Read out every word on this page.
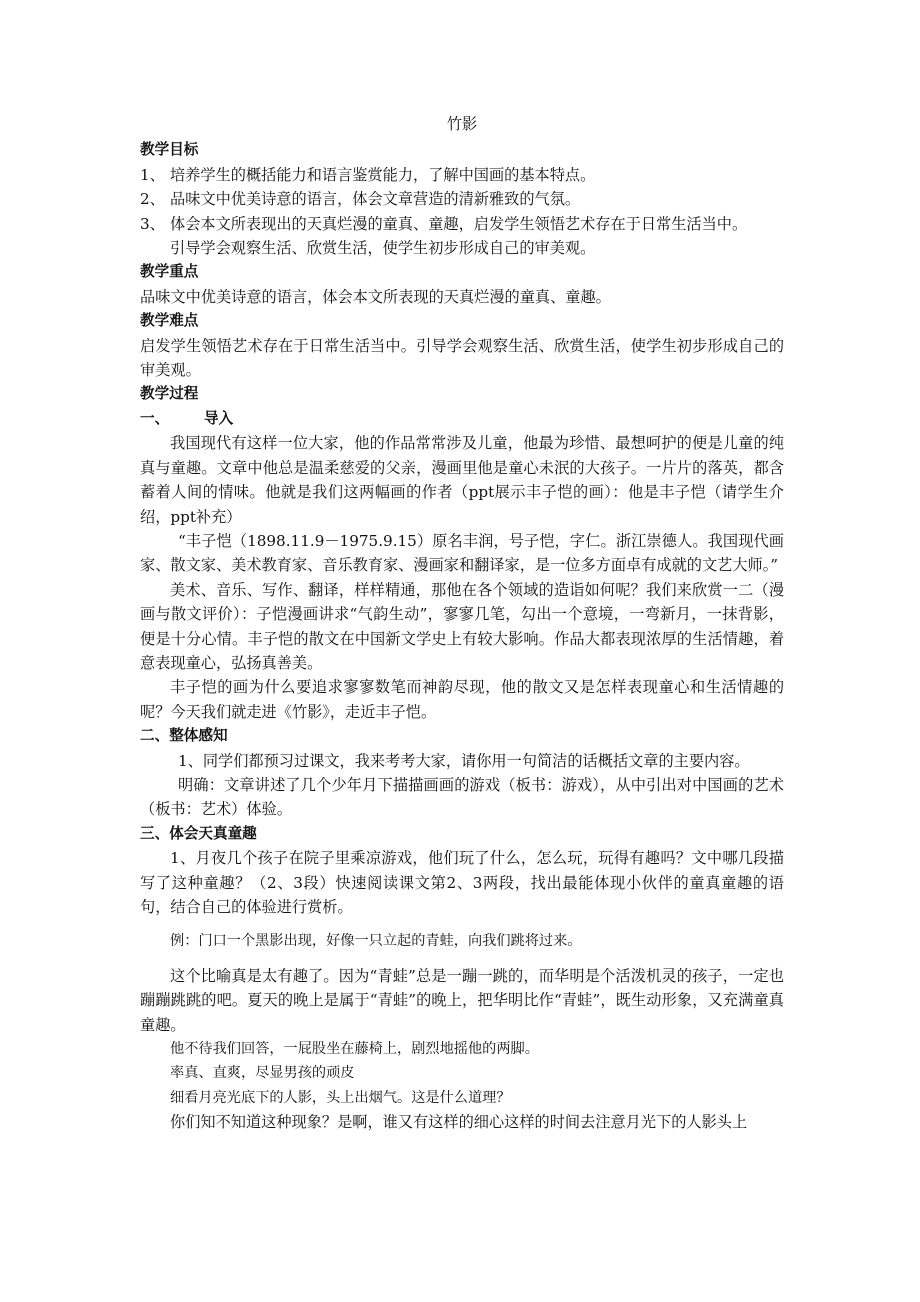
竹影

教学目标

1、 培养学生的概括能力和语言鉴赏能力，了解中国画的基本特点。

2、 品味文中优美诗意的语言，体会文章营造的清新雅致的气氛。

3、 体会本文所表现出的天真烂漫的童真、童趣，启发学生领悟艺术存在于日常生活当中。

引导学会观察生活、欣赏生活，使学生初步形成自己的审美观。

教学重点

品味文中优美诗意的语言，体会本文所表现的天真烂漫的童真、童趣。

教学难点

启发学生领悟艺术存在于日常生活当中。引导学会观察生活、欣赏生活，使学生初步形成自己的审美观。

教学过程

一、 导入

我国现代有这样一位大家，他的作品常常涉及儿童，他最为珍惜、最想呵护的便是儿童的纯真与童趣。文章中他总是温柔慈爱的父亲，漫画里他是童心未泯的大孩子。一片片的落英，都含蓄着人间的情味。他就是我们这两幅画的作者（ppt展示丰子恺的画）：他是丰子恺（请学生介绍，ppt补充）

“丰子恺（1898.11.9－1975.9.15）原名丰润，号子恺，字仁。浙江崇德人。我国现代画家、散文家、美术教育家、音乐教育家、漫画家和翻译家，是一位多方面卓有成就的文艺大师。”

美术、音乐、写作、翻译，样样精通，那他在各个领域的造诣如何呢？我们来欣赏一二（漫画与散文评价）：子恺漫画讲求“气韵生动”，寥寥几笔，勾出一个意境，一弯新月，一抹背影，便是十分心情。丰子恺的散文在中国新文学史上有较大影响。作品大都表现浓厚的生活情趣，着意表现童心，弘扬真善美。

丰子恺的画为什么要追求寥寥数笔而神韵尽现，他的散文又是怎样表现童心和生活情趣的呢？今天我们就走进《竹影》，走近丰子恺。

二、整体感知

1、同学们都预习过课文，我来考考大家，请你用一句简洁的话概括文章的主要内容。

明确：文章讲述了几个少年月下描描画画的游戏（板书：游戏），从中引出对中国画的艺术（板书：艺术）体验。

三、体会天真童趣

1、月夜几个孩子在院子里乘凉游戏，他们玩了什么，怎么玩，玩得有趣吗？文中哪几段描写了这种童趣？（2、3段）快速阅读课文第2、3两段，找出最能体现小伙伴的童真童趣的语句，结合自己的体验进行赏析。

例：门口一个黑影出现，好像一只立起的青蛙，向我们跳将过来。

这个比喻真是太有趣了。因为“青蛙”总是一蹦一跳的，而华明是个活泼机灵的孩子，一定也蹦蹦跳跳的吧。夏天的晚上是属于“青蛙”的晚上，把华明比作“青蛙”，既生动形象，又充满童真童趣。

他不待我们回答，一屁股坐在藤椅上，剧烈地摇他的两脚。

率真、直爽，尽显男孩的顽皮

细看月亮光底下的人影，头上出烟气。这是什么道理？

你们知不知道这种现象？是啊，谁又有这样的细心这样的时间去注意月光下的人影头上
